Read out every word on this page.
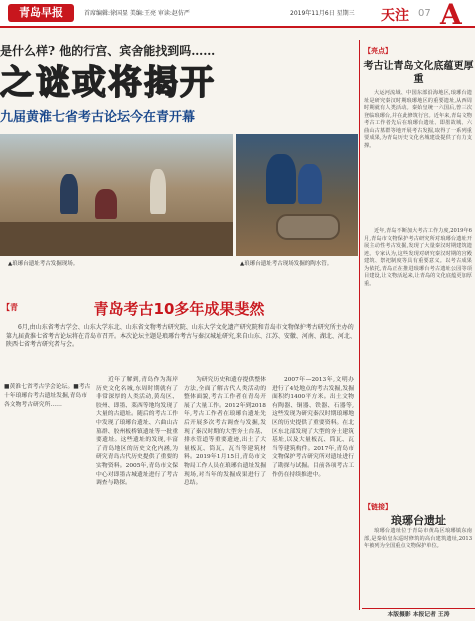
青岛早报	首席编辑:徐国显 美编:王亮 审读:赵仿严	2019年11月6日 星期三 天注 07 A
是什么样? 他的行宫、宾舍能找到吗……
之谜或将揭开
九届黄淮七省考古论坛今在青开幕
▲琅琊台遗址考古发掘现场。	▲琅琊台遗址考古现场发掘的陶水管。
【青	青岛考古10多年成果斐然
6月,由山东省考古学会、山东大学东北、山东省文物考古研究院、山东大学文化遗产研究院和青岛市文物保护考古研究所主办的第九届黄淮七省考古论坛将在青岛市召开。本次论坛主题是琅琊台考古与秦汉城址研究,来自山东、江苏、安徽、河南、湖北、河北、陕西七省考古研究者与会。
■黄淮七省考古学会论坛。■考古十年琅琊台考古遗址发掘,青岛市各文物考古研究所……
近年了解到,青岛作为海岸历史文化名城,东周时期就有了非常深厚的人类活动,黄岛区、胶州、即墨、莱西等地均发现了大量的古遗址。随后的考古工作中发现了琅琊台遗址、六曲山古墓群、胶州板桥镇遗址等一批重要遗址。这些遗址的发现,丰富了青岛地区的历史文化内涵,为研究青岛古代历史提供了重要的实物资料。2005年,青岛市文保中心对即墨古城遗址进行了考古调查与勘探。
为研究历史和遗存提供整体方法,全面了解古代人类活动的整体面貌,考古工作者在青岛开展了大量工作。2012年到2018年,考古工作者在琅琊台遗址先后开展多次考古调查与发掘,发现了秦汉时期的大型夯土台基、排水管道等重要遗迹,出土了大量板瓦、筒瓦、瓦当等建筑材料。2019年1月15日,青岛市文物局工作人员在琅琊台遗址发掘现场,对当年的发掘成果进行了总结。
2007年—2013年,文明办进行了4处地点的考古发掘,发掘面积约1400平方米。出土文物有陶器、铜器、铁器、石器等,这些发现为研究秦汉时期琅琊地区的历史提供了重要资料。在北区东北部发现了大型的夯土建筑基址,以及大量板瓦、筒瓦、瓦当等建筑构件。2017年,青岛市文物保护考古研究所对遗址进行了勘探与试掘。目前各项考古工作仍在持续推进中。
【亮点】
考古让青岛文化底蕴更厚重
大运河流域、中国东部沿海地区,琅琊台遗址是研究秦汉时期琅琊地区的重要遗址,从西周时期就有人类活动。秦始皇统一六国后,曾三次登临琅琊台,并在此修筑行宫。近年来,青岛文物考古工作者先后在琅琊台遗址、即墨故城、六曲山古墓群等地开展考古发掘,取得了一系列重要成果,为青岛历史文化名城建设提供了有力支撑。
近年,青岛不断加大考古工作力度,2019年6月,青岛市文物保护考古研究所对琅琊台遗址开展主动性考古发掘,发现了大量秦汉时期建筑遗迹。专家认为,这些发现对研究秦汉时期的宫殿建筑、祭祀制度等具有重要意义。以考古成果为依托,青岛正在推进琅琊台考古遗址公园等项目建设,让文物活起来,让青岛的文化底蕴更加厚重。
【链接】
琅琊台遗址
琅琊台遗址位于青岛市黄岛区琅琊镇东南部,是秦始皇东巡时修筑的高台建筑遗址,2013年被列为全国重点文物保护单位。
本版摄影 本报记者 王涛
